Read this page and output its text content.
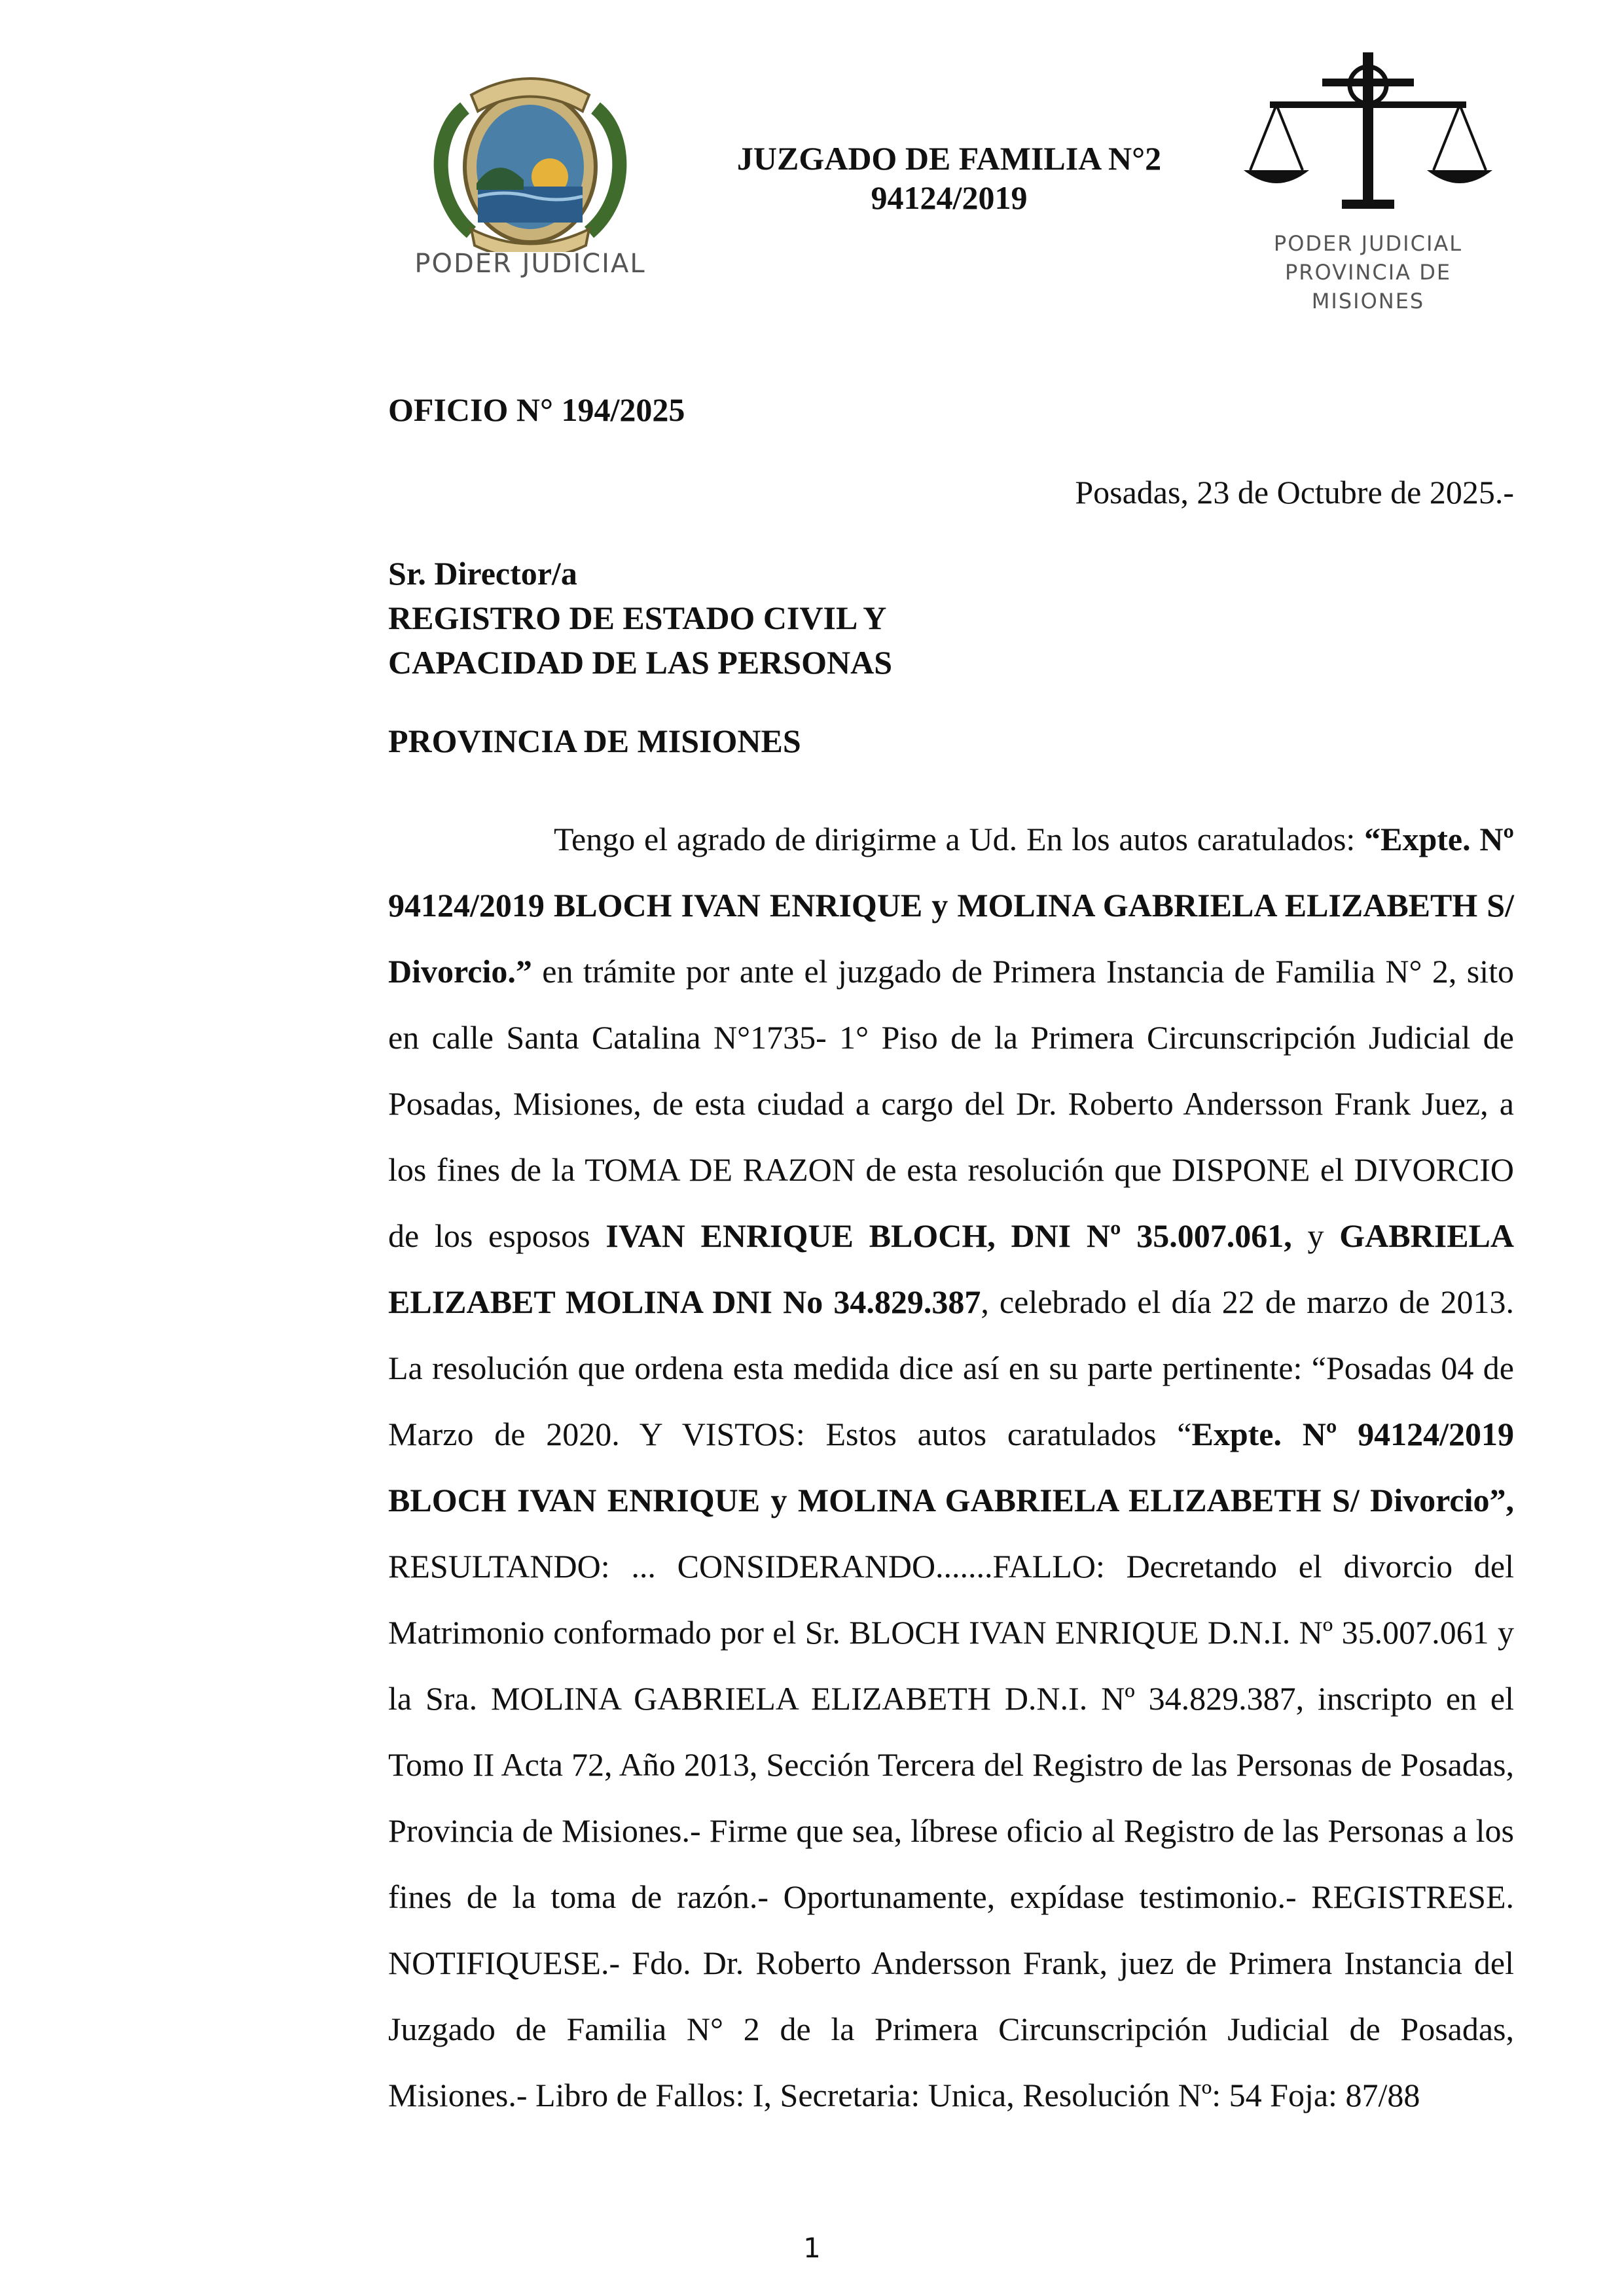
PODER JUDICIAL
JUZGADO DE FAMILIA N°2
94124/2019
PODER JUDICIAL
PROVINCIA DE MISIONES
OFICIO N° 194/2025
Posadas, 23 de Octubre de 2025.-
Sr. Director/a
REGISTRO DE ESTADO CIVIL Y
CAPACIDAD DE LAS PERSONAS
PROVINCIA DE MISIONES

Tengo el agrado de dirigirme a Ud. En los autos caratulados: “Expte. Nº 94124/2019 BLOCH IVAN ENRIQUE y MOLINA GABRIELA ELIZABETH S/ Divorcio.” en trámite por ante el juzgado de Primera Instancia de Familia N° 2, sito en calle Santa Catalina N°1735- 1° Piso de la Primera Circunscripción Judicial de Posadas, Misiones, de esta ciudad a cargo del Dr. Roberto Andersson Frank Juez, a los fines de la TOMA DE RAZON de esta resolución que DISPONE el DIVORCIO de los esposos IVAN ENRIQUE BLOCH, DNI Nº 35.007.061, y GABRIELA ELIZABET MOLINA DNI No 34.829.387, celebrado el día 22 de marzo de 2013. La resolución que ordena esta medida dice así en su parte pertinente: “Posadas 04 de Marzo de 2020. Y VISTOS: Estos autos caratulados “Expte. Nº 94124/2019 BLOCH IVAN ENRIQUE y MOLINA GABRIELA ELIZABETH S/ Divorcio”, RESULTANDO: ... CONSIDERANDO.......FALLO: Decretando el divorcio del Matrimonio conformado por el Sr. BLOCH IVAN ENRIQUE D.N.I. Nº 35.007.061 y la Sra. MOLINA GABRIELA ELIZABETH D.N.I. Nº 34.829.387, inscripto en el Tomo II Acta 72, Año 2013, Sección Tercera del Registro de las Personas de Posadas, Provincia de Misiones.- Firme que sea, líbrese oficio al Registro de las Personas a los fines de la toma de razón.- Oportunamente, expídase testimonio.- REGISTRESE. NOTIFIQUESE.- Fdo. Dr. Roberto Andersson Frank, juez de Primera Instancia del Juzgado de Familia N° 2 de la Primera Circunscripción Judicial de Posadas, Misiones.- Libro de Fallos: I, Secretaria: Unica, Resolución Nº: 54 Foja: 87/88

1
